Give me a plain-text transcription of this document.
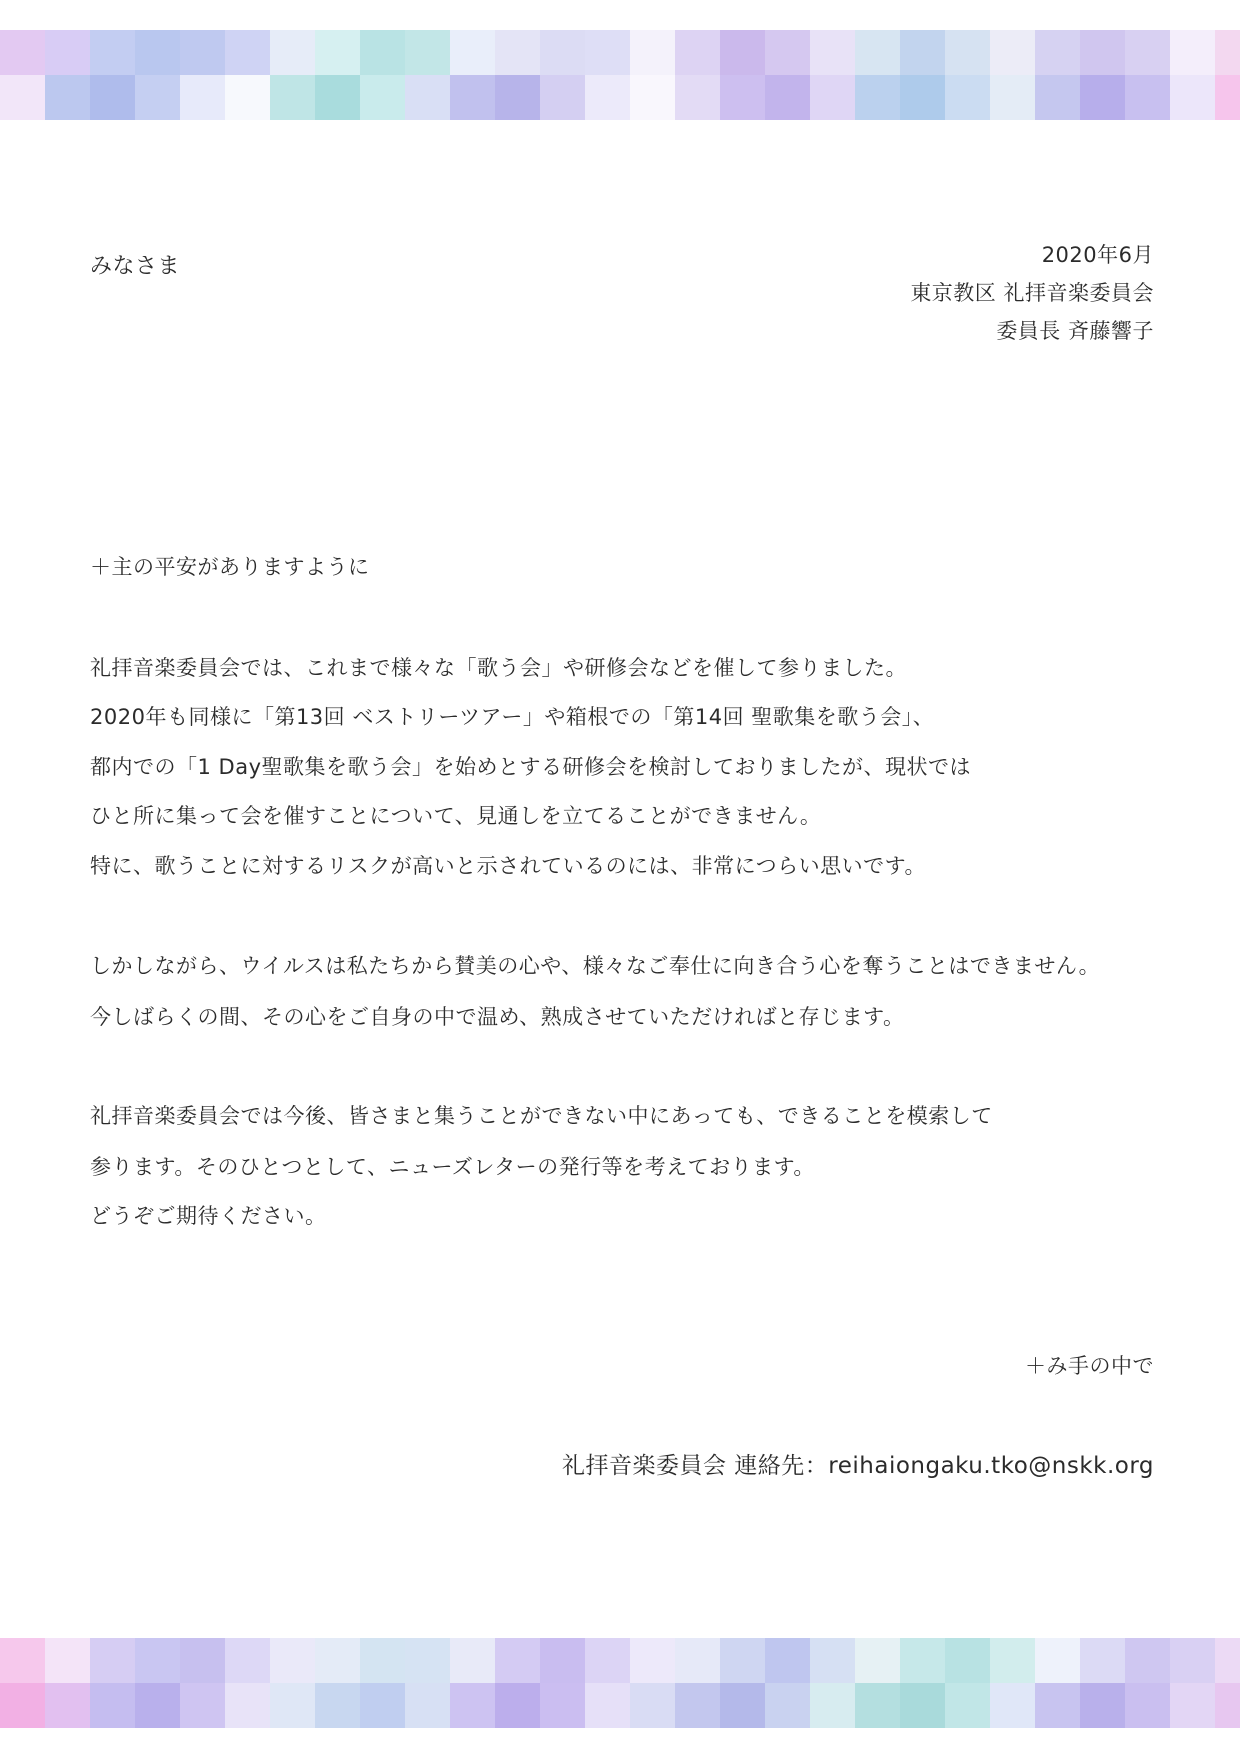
みなさま	2020年6月

東京教区 礼拝音楽委員会

委員長 斉藤響子

＋主の平安がありますように

礼拝音楽委員会では、これまで様々な「歌う会」や研修会などを催して参りました。

2020年も同様に「第13回 ベストリーツアー」や箱根での「第14回 聖歌集を歌う会」、

都内での「1 Day聖歌集を歌う会」を始めとする研修会を検討しておりましたが、現状では

ひと所に集って会を催すことについて、見通しを立てることができません。

特に、歌うことに対するリスクが高いと示されているのには、非常につらい思いです。

しかしながら、ウイルスは私たちから賛美の心や、様々なご奉仕に向き合う心を奪うことはできません。

今しばらくの間、その心をご自身の中で温め、熟成させていただければと存じます。

礼拝音楽委員会では今後、皆さまと集うことができない中にあっても、できることを模索して

参ります。そのひとつとして、ニューズレターの発行等を考えております。

どうぞご期待ください。

＋み手の中で

礼拝音楽委員会 連絡先：reihaiongaku.tko@nskk.org
